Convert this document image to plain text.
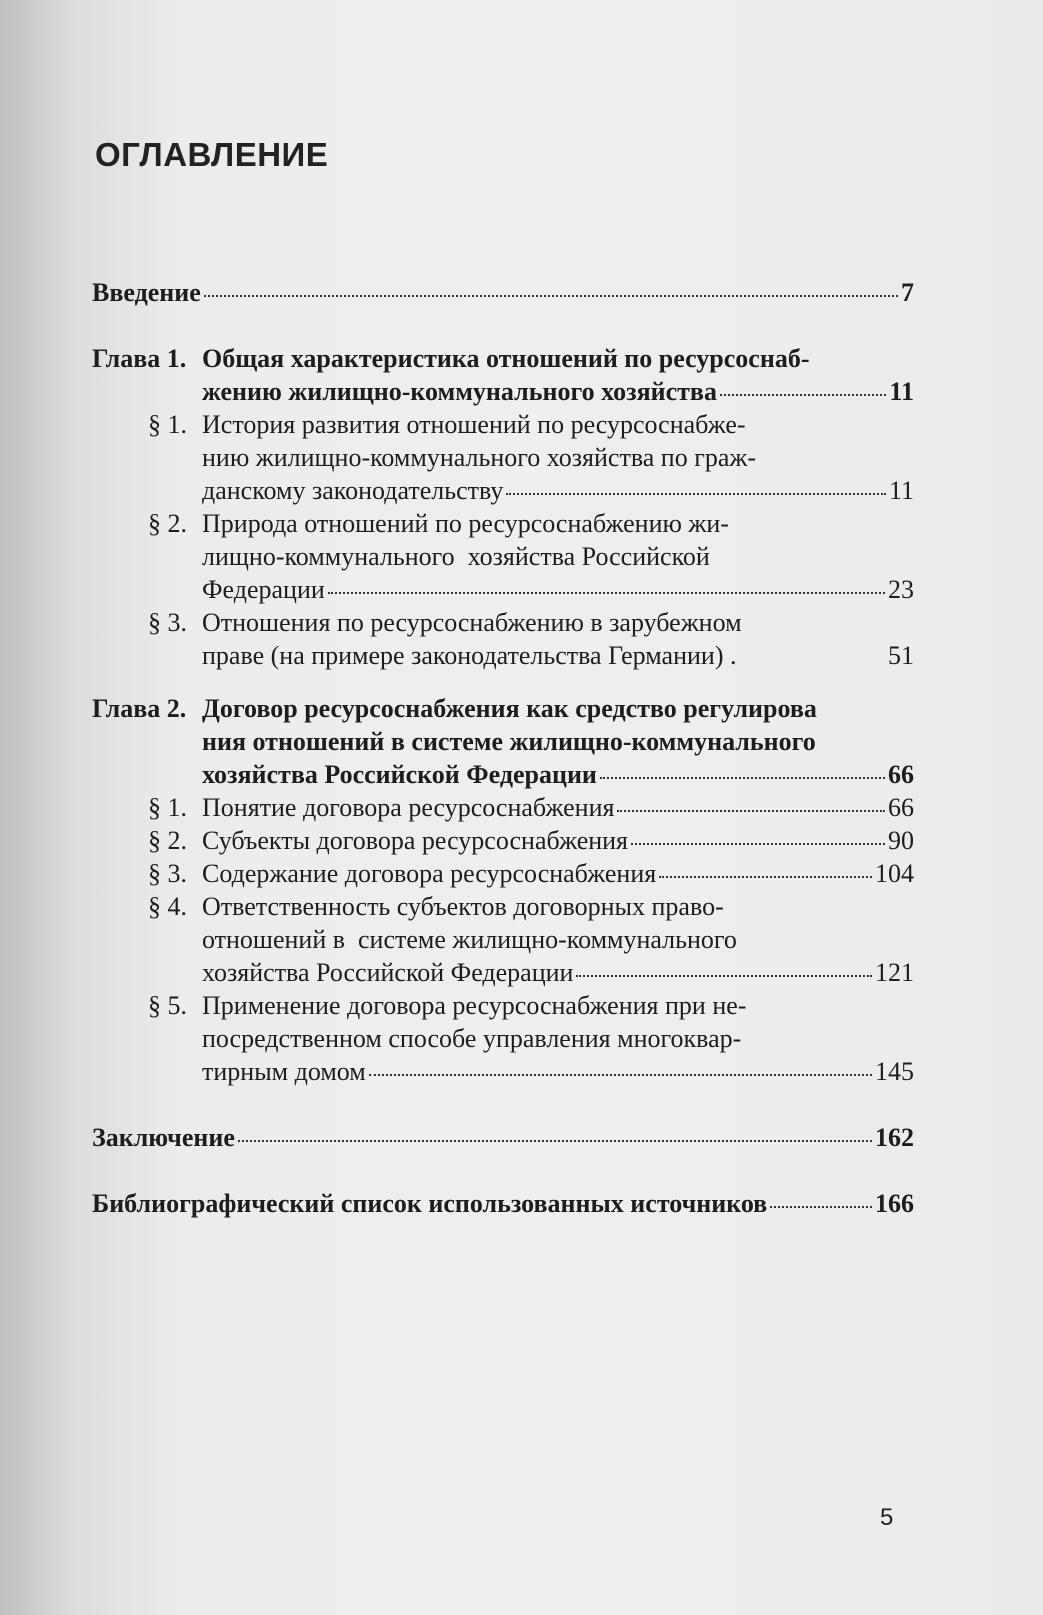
ОГЛАВЛЕНИЕ
Введение	7
Глава 1. Общая характеристика отношений по ресурсоснаб-
жению жилищно-коммунального хозяйства	11
§ 1. История развития отношений по ресурсоснабже-
нию жилищно-коммунального хозяйства по граж-
данскому законодательству	11
§ 2. Природа отношений по ресурсоснабжению жи-
лищно-коммунального  хозяйства Российской
Федерации	23
§ 3. Отношения по ресурсоснабжению в зарубежном
праве (на примере законодательства Германии) .	51
Глава 2. Договор ресурсоснабжения как средство регулирова
ния отношений в системе жилищно-коммунального
хозяйства Российской Федерации	66
§ 1. Понятие договора ресурсоснабжения	66
§ 2. Субъекты договора ресурсоснабжения	90
§ 3. Содержание договора ресурсоснабжения	104
§ 4. Ответственность субъектов договорных право-
отношений в  системе жилищно-коммунального
хозяйства Российской Федерации	121
§ 5. Применение договора ресурсоснабжения при не-
посредственном способе управления многоквар-
тирным домом	145
Заключение	162
Библиографический список использованных источников	166
5
